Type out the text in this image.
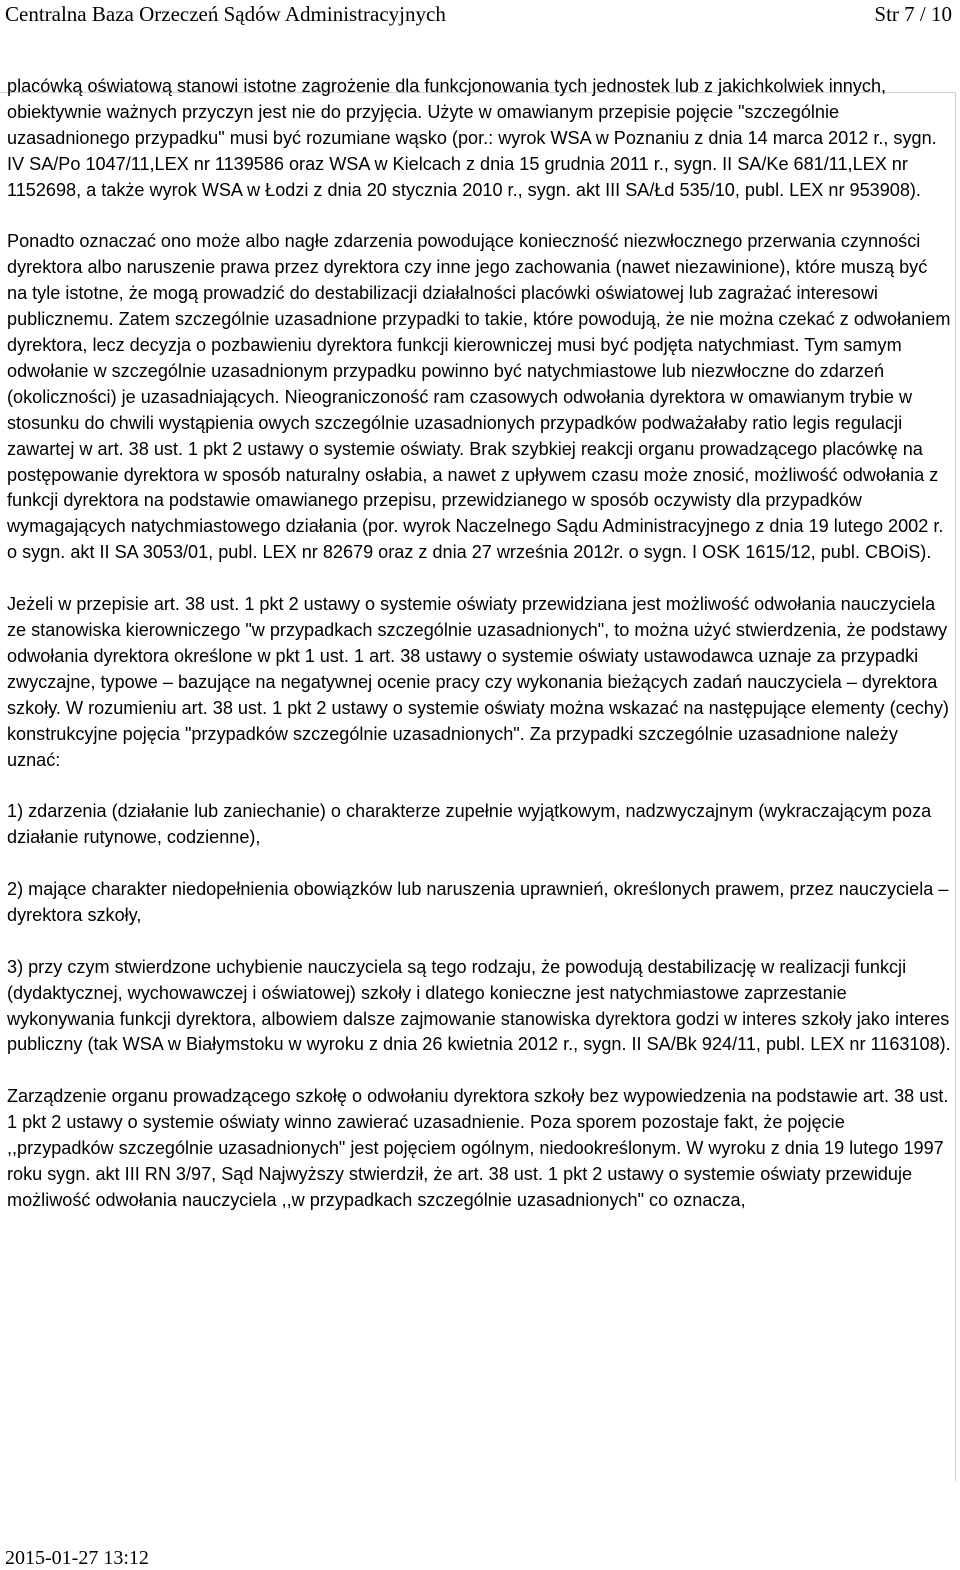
Centralna Baza Orzeczeń Sądów Administracyjnych	Str 7 / 10

placówką oświatową stanowi istotne zagrożenie dla funkcjonowania tych jednostek lub z jakichkolwiek innych, obiektywnie ważnych przyczyn jest nie do przyjęcia. Użyte w omawianym przepisie pojęcie "szczególnie uzasadnionego przypadku" musi być rozumiane wąsko (por.: wyrok WSA w Poznaniu z dnia 14 marca 2012 r., sygn. IV SA/Po 1047/11,LEX nr 1139586 oraz WSA w Kielcach z dnia 15 grudnia 2011 r., sygn. II SA/Ke 681/11,LEX nr 1152698, a także wyrok WSA w Łodzi z dnia 20 stycznia 2010 r., sygn. akt III SA/Łd 535/10, publ. LEX nr 953908).

Ponadto oznaczać ono może albo nagłe zdarzenia powodujące konieczność niezwłocznego przerwania czynności dyrektora albo naruszenie prawa przez dyrektora czy inne jego zachowania (nawet niezawinione), które muszą być na tyle istotne, że mogą prowadzić do destabilizacji działalności placówki oświatowej lub zagrażać interesowi publicznemu. Zatem szczególnie uzasadnione przypadki to takie, które powodują, że nie można czekać z odwołaniem dyrektora, lecz decyzja o pozbawieniu dyrektora funkcji kierowniczej musi być podjęta natychmiast. Tym samym odwołanie w szczególnie uzasadnionym przypadku powinno być natychmiastowe lub niezwłoczne do zdarzeń (okoliczności) je uzasadniających. Nieograniczoność ram czasowych odwołania dyrektora w omawianym trybie w stosunku do chwili wystąpienia owych szczególnie uzasadnionych przypadków podważałaby ratio legis regulacji zawartej w art. 38 ust. 1 pkt 2 ustawy o systemie oświaty. Brak szybkiej reakcji organu prowadzącego placówkę na postępowanie dyrektora w sposób naturalny osłabia, a nawet z upływem czasu może znosić, możliwość odwołania z funkcji dyrektora na podstawie omawianego przepisu, przewidzianego w sposób oczywisty dla przypadków wymagających natychmiastowego działania (por. wyrok Naczelnego Sądu Administracyjnego z dnia 19 lutego 2002 r. o sygn. akt II SA 3053/01, publ. LEX nr 82679 oraz z dnia 27 września 2012r. o sygn. I OSK 1615/12, publ. CBOiS).

Jeżeli w przepisie art. 38 ust. 1 pkt 2 ustawy o systemie oświaty przewidziana jest możliwość odwołania nauczyciela ze stanowiska kierowniczego "w przypadkach szczególnie uzasadnionych", to można użyć stwierdzenia, że podstawy odwołania dyrektora określone w pkt 1 ust. 1 art. 38 ustawy o systemie oświaty ustawodawca uznaje za przypadki zwyczajne, typowe – bazujące na negatywnej ocenie pracy czy wykonania bieżących zadań nauczyciela – dyrektora szkoły. W rozumieniu art. 38 ust. 1 pkt 2 ustawy o systemie oświaty można wskazać na następujące elementy (cechy) konstrukcyjne pojęcia "przypadków szczególnie uzasadnionych". Za przypadki szczególnie uzasadnione należy uznać:

1) zdarzenia (działanie lub zaniechanie) o charakterze zupełnie wyjątkowym, nadzwyczajnym (wykraczającym poza działanie rutynowe, codzienne),

2) mające charakter niedopełnienia obowiązków lub naruszenia uprawnień, określonych prawem, przez nauczyciela – dyrektora szkoły,

3) przy czym stwierdzone uchybienie nauczyciela są tego rodzaju, że powodują destabilizację w realizacji funkcji (dydaktycznej, wychowawczej i oświatowej) szkoły i dlatego konieczne jest natychmiastowe zaprzestanie wykonywania funkcji dyrektora, albowiem dalsze zajmowanie stanowiska dyrektora godzi w interes szkoły jako interes publiczny (tak WSA w Białymstoku w wyroku z dnia 26 kwietnia 2012 r., sygn. II SA/Bk 924/11, publ. LEX nr 1163108).

Zarządzenie organu prowadzącego szkołę o odwołaniu dyrektora szkoły bez wypowiedzenia na podstawie art. 38 ust. 1 pkt 2 ustawy o systemie oświaty winno zawierać uzasadnienie. Poza sporem pozostaje fakt, że pojęcie ,,przypadków szczególnie uzasadnionych" jest pojęciem ogólnym, niedookreślonym. W wyroku z dnia 19 lutego 1997 roku sygn. akt III RN 3/97, Sąd Najwyższy stwierdził, że art. 38 ust. 1 pkt 2 ustawy o systemie oświaty przewiduje możliwość odwołania nauczyciela ,,w przypadkach szczególnie uzasadnionych" co oznacza,

2015-01-27 13:12
